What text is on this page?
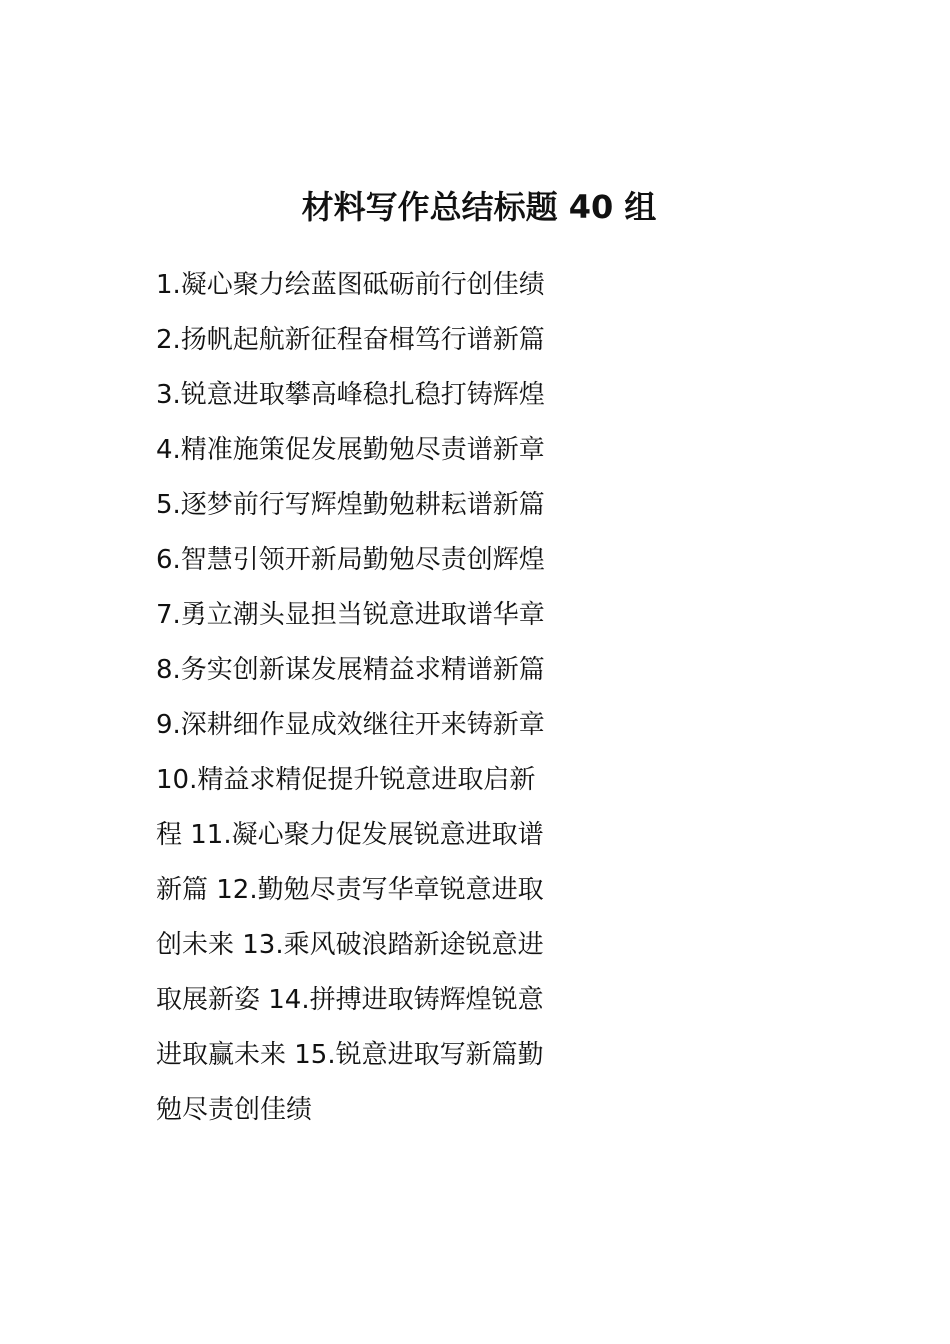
材料写作总结标题 40 组
1.凝心聚力绘蓝图砥砺前行创佳绩
2.扬帆起航新征程奋楫笃行谱新篇
3.锐意进取攀高峰稳扎稳打铸辉煌
4.精准施策促发展勤勉尽责谱新章
5.逐梦前行写辉煌勤勉耕耘谱新篇
6.智慧引领开新局勤勉尽责创辉煌
7.勇立潮头显担当锐意进取谱华章
8.务实创新谋发展精益求精谱新篇
9.深耕细作显成效继往开来铸新章
10.精益求精促提升锐意进取启新
程 11.凝心聚力促发展锐意进取谱
新篇 12.勤勉尽责写华章锐意进取
创未来 13.乘风破浪踏新途锐意进
取展新姿 14.拼搏进取铸辉煌锐意
进取赢未来 15.锐意进取写新篇勤
勉尽责创佳绩
